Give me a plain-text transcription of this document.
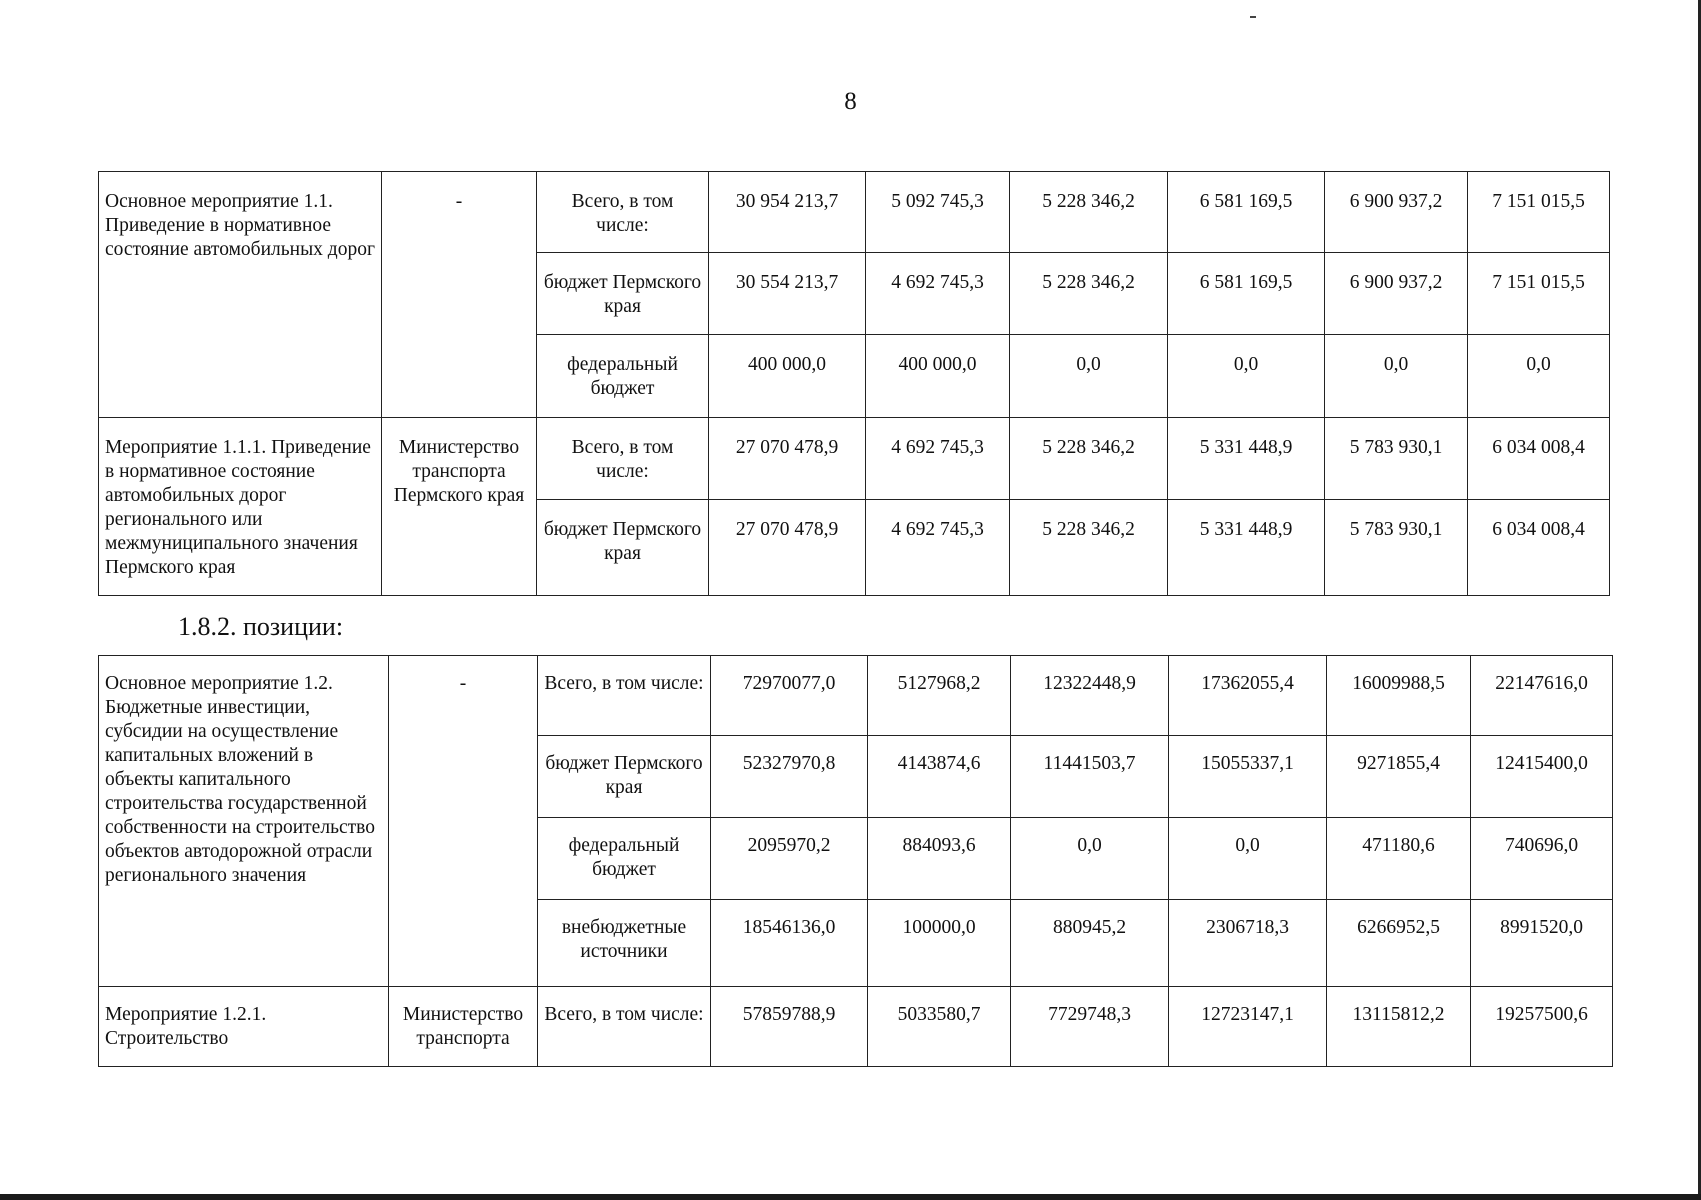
8
Основное мероприятие 1.1. Приведение в нормативное состояние автомобильных дорог	-	Всего, в том числе:	30 954 213,7	5 092 745,3	5 228 346,2	6 581 169,5	6 900 937,2	7 151 015,5
		бюджет Пермского края	30 554 213,7	4 692 745,3	5 228 346,2	6 581 169,5	6 900 937,2	7 151 015,5
		федеральный бюджет	400 000,0	400 000,0	0,0	0,0	0,0	0,0
Мероприятие 1.1.1. Приведение в нормативное состояние автомобильных дорог регионального или межмуниципального значения Пермского края	Министерство транспорта Пермского края	Всего, в том числе:	27 070 478,9	4 692 745,3	5 228 346,2	5 331 448,9	5 783 930,1	6 034 008,4
		бюджет Пермского края	27 070 478,9	4 692 745,3	5 228 346,2	5 331 448,9	5 783 930,1	6 034 008,4
1.8.2. позиции:
Основное мероприятие 1.2. Бюджетные инвестиции, субсидии на осуществление капитальных вложений в объекты капитального строительства государственной собственности на строительство объектов автодорожной отрасли регионального значения	-	Всего, в том числе:	72970077,0	5127968,2	12322448,9	17362055,4	16009988,5	22147616,0
		бюджет Пермского края	52327970,8	4143874,6	11441503,7	15055337,1	9271855,4	12415400,0
		федеральный бюджет	2095970,2	884093,6	0,0	0,0	471180,6	740696,0
		внебюджетные источники	18546136,0	100000,0	880945,2	2306718,3	6266952,5	8991520,0
Мероприятие 1.2.1. Строительство	Министерство транспорта	Всего, в том числе:	57859788,9	5033580,7	7729748,3	12723147,1	13115812,2	19257500,6
